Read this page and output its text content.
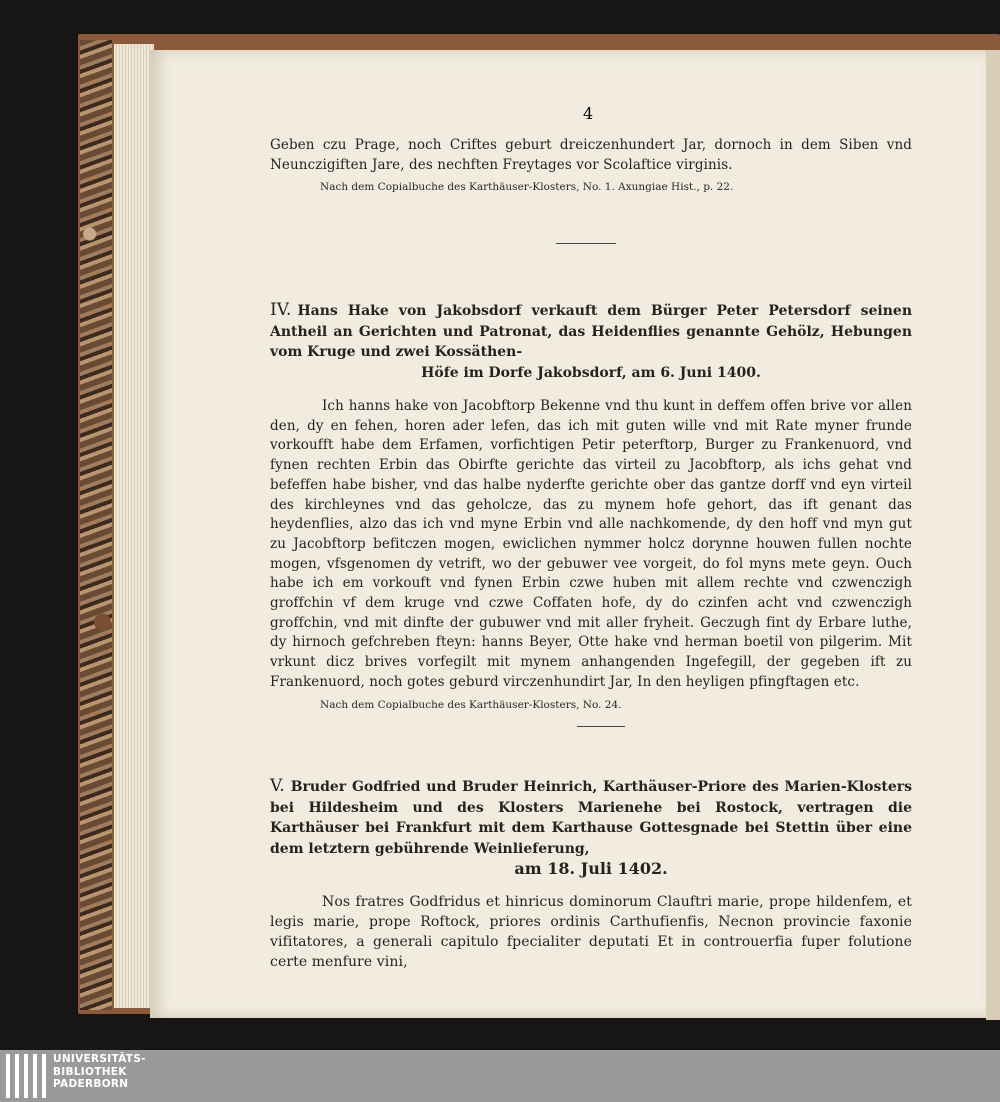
4
Geben czu Prage, noch Criftes geburt dreiczenhundert Jar, dornoch in dem Siben vnd Neunczigiften Jare, des nechften Freytages vor Scolaftice virginis.
Nach dem Copialbuche des Karthäuser-Klosters, No. 1. Axungiae Hist., p. 22.
IV. Hans Hake von Jakobsdorf verkauft dem Bürger Peter Petersdorf seinen Antheil an Gerichten und Patronat, das Heidenflies genannte Gehölz, Hebungen vom Kruge und zwei Kossäthen-
Höfe im Dorfe Jakobsdorf, am 6. Juni 1400.
Ich hanns hake von Jacobftorp Bekenne vnd thu kunt in deffem offen brive vor allen den, dy en fehen, horen ader lefen, das ich mit guten wille vnd mit Rate myner frunde vorkoufft habe dem Erfamen, vorfichtigen Petir peterftorp, Burger zu Frankenuord, vnd fynen rechten Erbin das Obirfte gerichte das virteil zu Jacobftorp, als ichs gehat vnd befeffen habe bisher, vnd das halbe nyderfte gerichte ober das gantze dorff vnd eyn virteil des kirchleynes vnd das geholcze, das zu mynem hofe gehort, das ift genant das heydenflies, alzo das ich vnd myne Erbin vnd alle nachkomende, dy den hoff vnd myn gut zu Jacobftorp befitczen mogen, ewiclichen nymmer holcz dorynne houwen fullen nochte mogen, vfsgenomen dy vetrift, wo der gebuwer vee vorgeit, do fol myns mete geyn. Ouch habe ich em vorkouft vnd fynen Erbin czwe huben mit allem rechte vnd czwenczigh groffchin vf dem kruge vnd czwe Coffaten hofe, dy do czinfen acht vnd czwenczigh groffchin, vnd mit dinfte der gubuwer vnd mit aller fryheit. Geczugh fint dy Erbare luthe, dy hirnoch gefchreben fteyn: hanns Beyer, Otte hake vnd herman boetil von pilgerim. Mit vrkunt dicz brives vorfegilt mit mynem anhangenden Ingefegill, der gegeben ift zu Frankenuord, noch gotes geburd virczenhundirt Jar, In den heyligen pfingftagen etc.
Nach dem Copialbuche des Karthäuser-Klosters, No. 24.
V. Bruder Godfried und Bruder Heinrich, Karthäuser-Priore des Marien-Klosters bei Hildesheim und des Klosters Marienehe bei Rostock, vertragen die Karthäuser bei Frankfurt mit dem Karthause Gottesgnade bei Stettin über eine dem letztern gebührende Weinlieferung,
am 18. Juli 1402.
Nos fratres Godfridus et hinricus dominorum Clauftri marie, prope hildenfem, et legis marie, prope Roftock, priores ordinis Carthufienfis, Necnon provincie faxonie vifitatores, a generali capitulo fpecialiter deputati Et in controuerfia fuper folutione certe menfure vini,
UNIVERSITÄTS-
BIBLIOTHEK
PADERBORN
